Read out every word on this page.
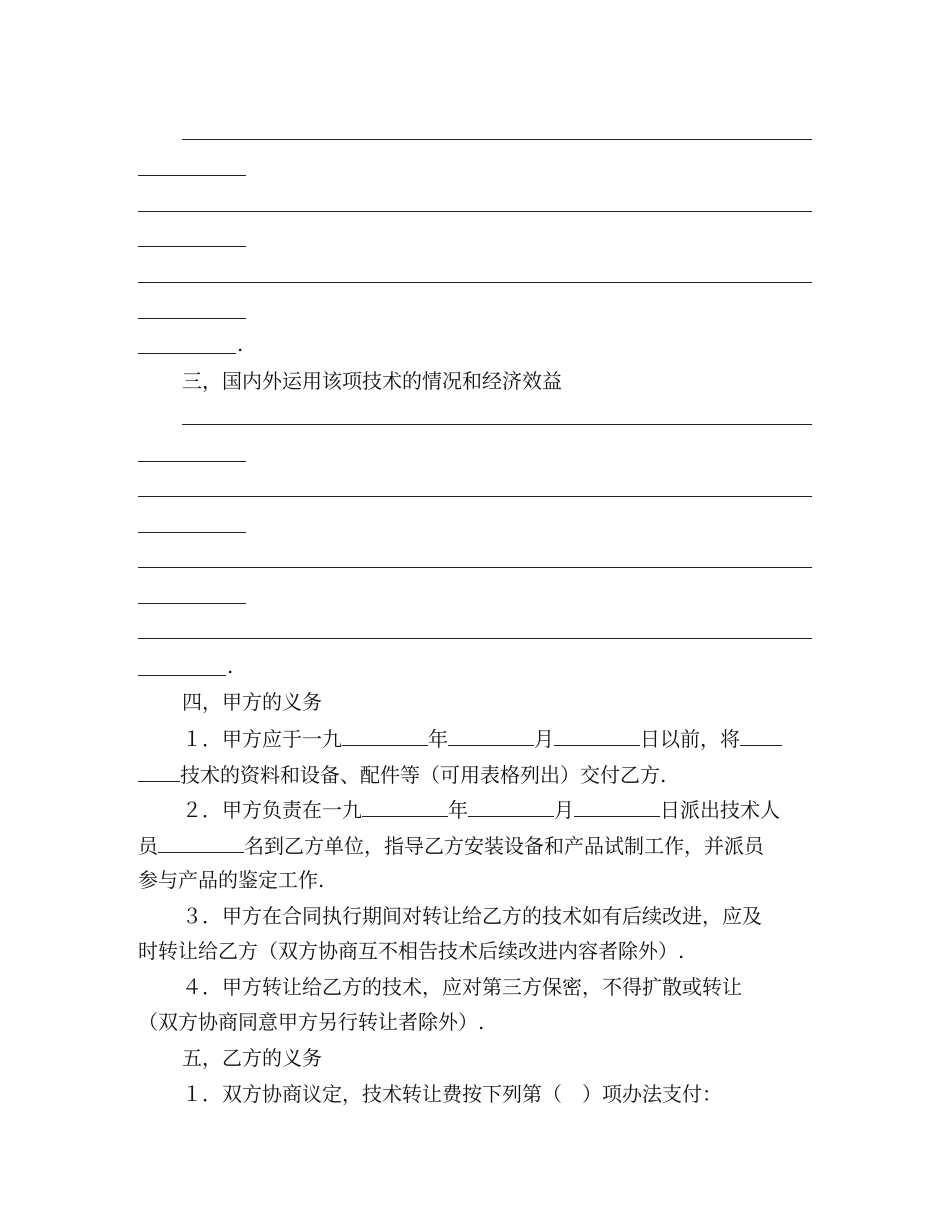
.
三，国内外运用该项技术的情况和经济效益
.
四，甲方的义务
１．甲方应于一九	年	月	日以前，将
技术的资料和设备、配件等（可用表格列出）交付乙方.
２．甲方负责在一九	年	月	日派出技术人
员	名到乙方单位，指导乙方安装设备和产品试制工作，并派员
参与产品的鉴定工作.
３．甲方在合同执行期间对转让给乙方的技术如有后续改进，应及
时转让给乙方（双方协商互不相告技术后续改进内容者除外）.
４．甲方转让给乙方的技术，应对第三方保密，不得扩散或转让
（双方协商同意甲方另行转让者除外）.
五，乙方的义务
１．双方协商议定，技术转让费按下列第（　）项办法支付：
